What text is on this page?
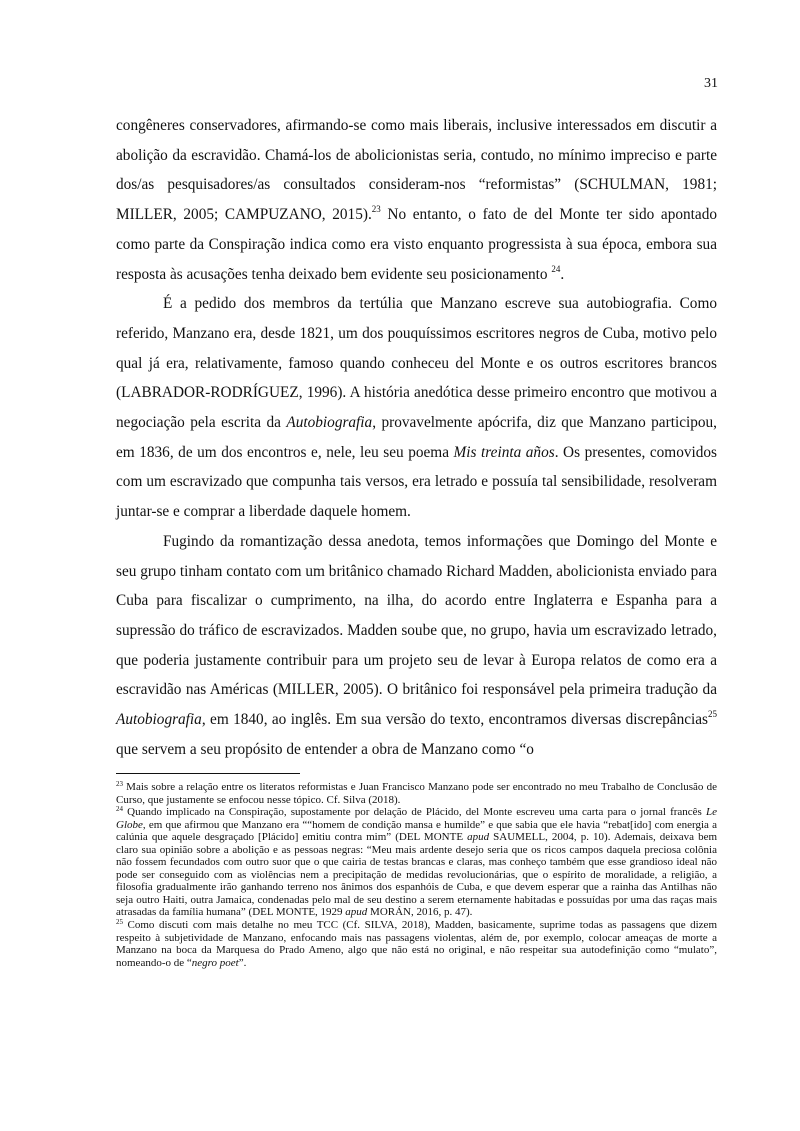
31

congêneres conservadores, afirmando-se como mais liberais, inclusive interessados em discutir a abolição da escravidão. Chamá-los de abolicionistas seria, contudo, no mínimo impreciso e parte dos/as pesquisadores/as consultados consideram-nos “reformistas” (SCHULMAN, 1981; MILLER, 2005; CAMPUZANO, 2015).$^{23}$ No entanto, o fato de del Monte ter sido apontado como parte da Conspiração indica como era visto enquanto progressista à sua época, embora sua resposta às acusações tenha deixado bem evidente seu posicionamento $^{24}$.

É a pedido dos membros da tertúlia que Manzano escreve sua autobiografia. Como referido, Manzano era, desde 1821, um dos pouquíssimos escritores negros de Cuba, motivo pelo qual já era, relativamente, famoso quando conheceu del Monte e os outros escritores brancos (LABRADOR-RODRÍGUEZ, 1996). A história anedótica desse primeiro encontro que motivou a negociação pela escrita da Autobiografia, provavelmente apócrifa, diz que Manzano participou, em 1836, de um dos encontros e, nele, leu seu poema Mis treinta años. Os presentes, comovidos com um escravizado que compunha tais versos, era letrado e possuía tal sensibilidade, resolveram juntar-se e comprar a liberdade daquele homem.

Fugindo da romantização dessa anedota, temos informações que Domingo del Monte e seu grupo tinham contato com um britânico chamado Richard Madden, abolicionista enviado para Cuba para fiscalizar o cumprimento, na ilha, do acordo entre Inglaterra e Espanha para a supressão do tráfico de escravizados. Madden soube que, no grupo, havia um escravizado letrado, que poderia justamente contribuir para um projeto seu de levar à Europa relatos de como era a escravidão nas Américas (MILLER, 2005). O britânico foi responsável pela primeira tradução da Autobiografia, em 1840, ao inglês. Em sua versão do texto, encontramos diversas discrepâncias$^{25}$ que servem a seu propósito de entender a obra de Manzano como “o

$^{23}$ Mais sobre a relação entre os literatos reformistas e Juan Francisco Manzano pode ser encontrado no meu Trabalho de Conclusão de Curso, que justamente se enfocou nesse tópico. Cf. Silva (2018).

$^{24}$ Quando implicado na Conspiração, supostamente por delação de Plácido, del Monte escreveu uma carta para o jornal francês Le Globe, em que afirmou que Manzano era ““homem de condição mansa e humilde” e que sabia que ele havia “rebat[ido] com energia a calúnia que aquele desgraçado [Plácido] emitiu contra mim” (DEL MONTE apud SAUMELL, 2004, p. 10). Ademais, deixava bem claro sua opinião sobre a abolição e as pessoas negras: “Meu mais ardente desejo seria que os ricos campos daquela preciosa colônia não fossem fecundados com outro suor que o que cairia de testas brancas e claras, mas conheço também que esse grandioso ideal não pode ser conseguido com as violências nem a precipitação de medidas revolucionárias, que o espírito de moralidade, a religião, a filosofia gradualmente irão ganhando terreno nos ânimos dos espanhóis de Cuba, e que devem esperar que a rainha das Antilhas não seja outro Haiti, outra Jamaica, condenadas pelo mal de seu destino a serem eternamente habitadas e possuídas por uma das raças mais atrasadas da família humana” (DEL MONTE, 1929 apud MORÁN, 2016, p. 47).

$^{25}$ Como discuti com mais detalhe no meu TCC (Cf. SILVA, 2018), Madden, basicamente, suprime todas as passagens que dizem respeito à subjetividade de Manzano, enfocando mais nas passagens violentas, além de, por exemplo, colocar ameaças de morte a Manzano na boca da Marquesa do Prado Ameno, algo que não está no original, e não respeitar sua autodefinição como “mulato”, nomeando-o de “negro poet”.
